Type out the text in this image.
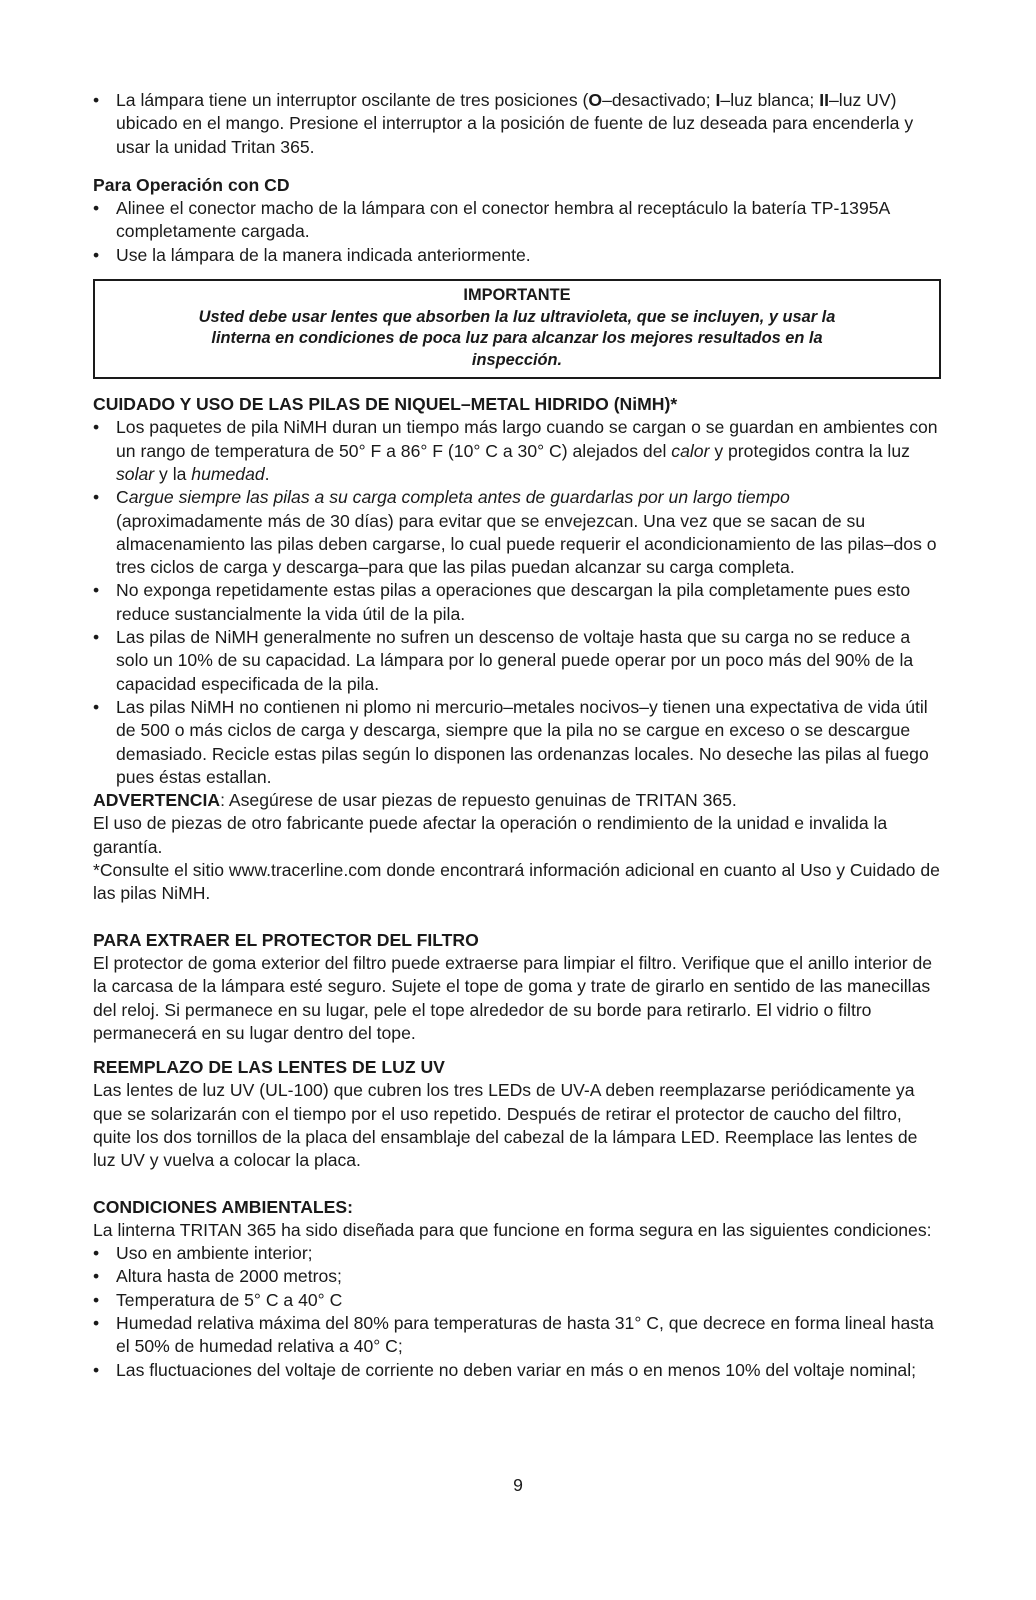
• La lámpara tiene un interruptor oscilante de tres posiciones (O–desactivado; I–luz blanca; II–luz UV) ubicado en el mango. Presione el interruptor a la posición de fuente de luz deseada para encenderla y usar la unidad Tritan 365.

Para Operación con CD

• Alinee el conector macho de la lámpara con el conector hembra al receptáculo la batería TP-1395A completamente cargada.

• Use la lámpara de la manera indicada anteriormente.

IMPORTANTE
Usted debe usar lentes que absorben la luz ultravioleta, que se incluyen, y usar la linterna en condiciones de poca luz para alcanzar los mejores resultados en la inspección.

CUIDADO Y USO DE LAS PILAS DE NIQUEL–METAL HIDRIDO (NiMH)*

• Los paquetes de pila NiMH duran un tiempo más largo cuando se cargan o se guardan en ambientes con un rango de temperatura de 50° F a 86° F (10° C a 30° C) alejados del calor y protegidos contra la luz solar y la humedad.

• Cargue siempre las pilas a su carga completa antes de guardarlas por un largo tiempo (aproximadamente más de 30 días) para evitar que se envejezcan. Una vez que se sacan de su almacenamiento las pilas deben cargarse, lo cual puede requerir el acondicionamiento de las pilas–dos o tres ciclos de carga y descarga–para que las pilas puedan alcanzar su carga completa.

• No exponga repetidamente estas pilas a operaciones que descargan la pila completamente pues esto reduce sustancialmente la vida útil de la pila.

• Las pilas de NiMH generalmente no sufren un descenso de voltaje hasta que su carga no se reduce a solo un 10% de su capacidad. La lámpara por lo general puede operar por un poco más del 90% de la capacidad especificada de la pila.

• Las pilas NiMH no contienen ni plomo ni mercurio–metales nocivos–y tienen una expectativa de vida útil de 500 o más ciclos de carga y descarga, siempre que la pila no se cargue en exceso o se descargue demasiado. Recicle estas pilas según lo disponen las ordenanzas locales. No deseche las pilas al fuego pues éstas estallan.

ADVERTENCIA: Asegúrese de usar piezas de repuesto genuinas de TRITAN 365.

El uso de piezas de otro fabricante puede afectar la operación o rendimiento de la unidad e invalida la garantía.

*Consulte el sitio www.tracerline.com donde encontrará información adicional en cuanto al Uso y Cuidado de las pilas NiMH.

PARA EXTRAER EL PROTECTOR DEL FILTRO

El protector de goma exterior del filtro puede extraerse para limpiar el filtro. Verifique que el anillo interior de la carcasa de la lámpara esté seguro. Sujete el tope de goma y trate de girarlo en sentido de las manecillas del reloj. Si permanece en su lugar, pele el tope alrededor de su borde para retirarlo. El vidrio o filtro permanecerá en su lugar dentro del tope.

REEMPLAZO DE LAS LENTES DE LUZ UV

Las lentes de luz UV (UL-100) que cubren los tres LEDs de UV-A deben reemplazarse periódicamente ya que se solarizarán con el tiempo por el uso repetido. Después de retirar el protector de caucho del filtro, quite los dos tornillos de la placa del ensamblaje del cabezal de la lámpara LED. Reemplace las lentes de luz UV y vuelva a colocar la placa.

CONDICIONES AMBIENTALES:

La linterna TRITAN 365 ha sido diseñada para que funcione en forma segura en las siguientes condiciones:

• Uso en ambiente interior;

• Altura hasta de 2000 metros;

• Temperatura de 5° C a 40° C

• Humedad relativa máxima del 80% para temperaturas de hasta 31° C, que decrece en forma lineal hasta el 50% de humedad relativa a 40° C;

• Las fluctuaciones del voltaje de corriente no deben variar en más o en menos 10% del voltaje nominal;

9
